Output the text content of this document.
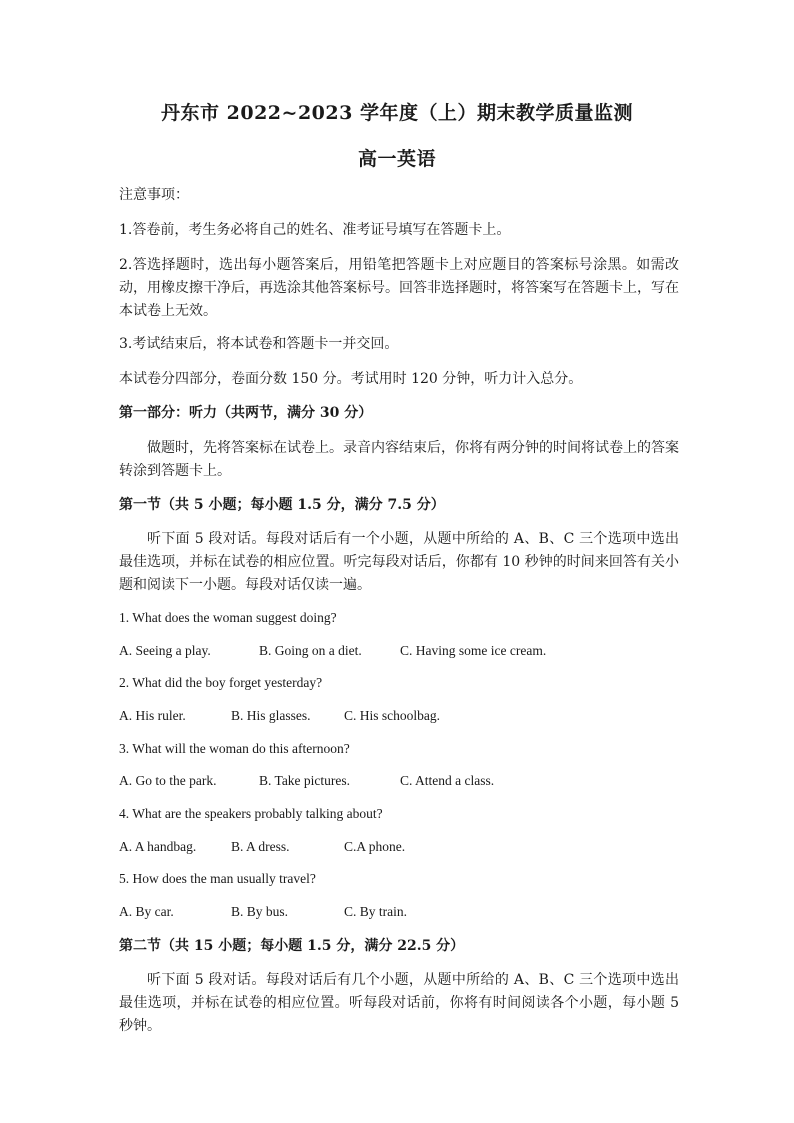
丹东市 2022~2023 学年度（上）期末教学质量监测
高一英语
注意事项：
1.答卷前，考生务必将自己的姓名、准考证号填写在答题卡上。
2.答选择题时，选出每小题答案后，用铅笔把答题卡上对应题目的答案标号涂黑。如需改动，用橡皮擦干净后，再选涂其他答案标号。回答非选择题时，将答案写在答题卡上，写在本试卷上无效。
3.考试结束后，将本试卷和答题卡一并交回。
本试卷分四部分，卷面分数 150 分。考试用时 120 分钟，听力计入总分。
第一部分：听力（共两节，满分 30 分）
做题时，先将答案标在试卷上。录音内容结束后，你将有两分钟的时间将试卷上的答案转涂到答题卡上。
第一节（共 5 小题；每小题 1.5 分，满分 7.5 分）
听下面 5 段对话。每段对话后有一个小题，从题中所给的 A、B、C 三个选项中选出最佳选项，并标在试卷的相应位置。听完每段对话后，你都有 10 秒钟的时间来回答有关小题和阅读下一小题。每段对话仅读一遍。
1. What does the woman suggest doing?
A. Seeing a play.	B. Going on a diet.	C. Having some ice cream.
2. What did the boy forget yesterday?
A. His ruler.	B. His glasses. C. His schoolbag.
3. What will the woman do this afternoon?
A. Go to the park.	B. Take pictures.	C. Attend a class.
4. What are the speakers probably talking about?
A. A handbag.	B. A dress.	C.A phone.
5. How does the man usually travel?
A. By car.	B. By bus.	C. By train.
第二节（共 15 小题；每小题 1.5 分，满分 22.5 分）
听下面 5 段对话。每段对话后有几个小题，从题中所给的 A、B、C 三个选项中选出最佳选项，并标在试卷的相应位置。听每段对话前，你将有时间阅读各个小题，每小题 5 秒钟。
